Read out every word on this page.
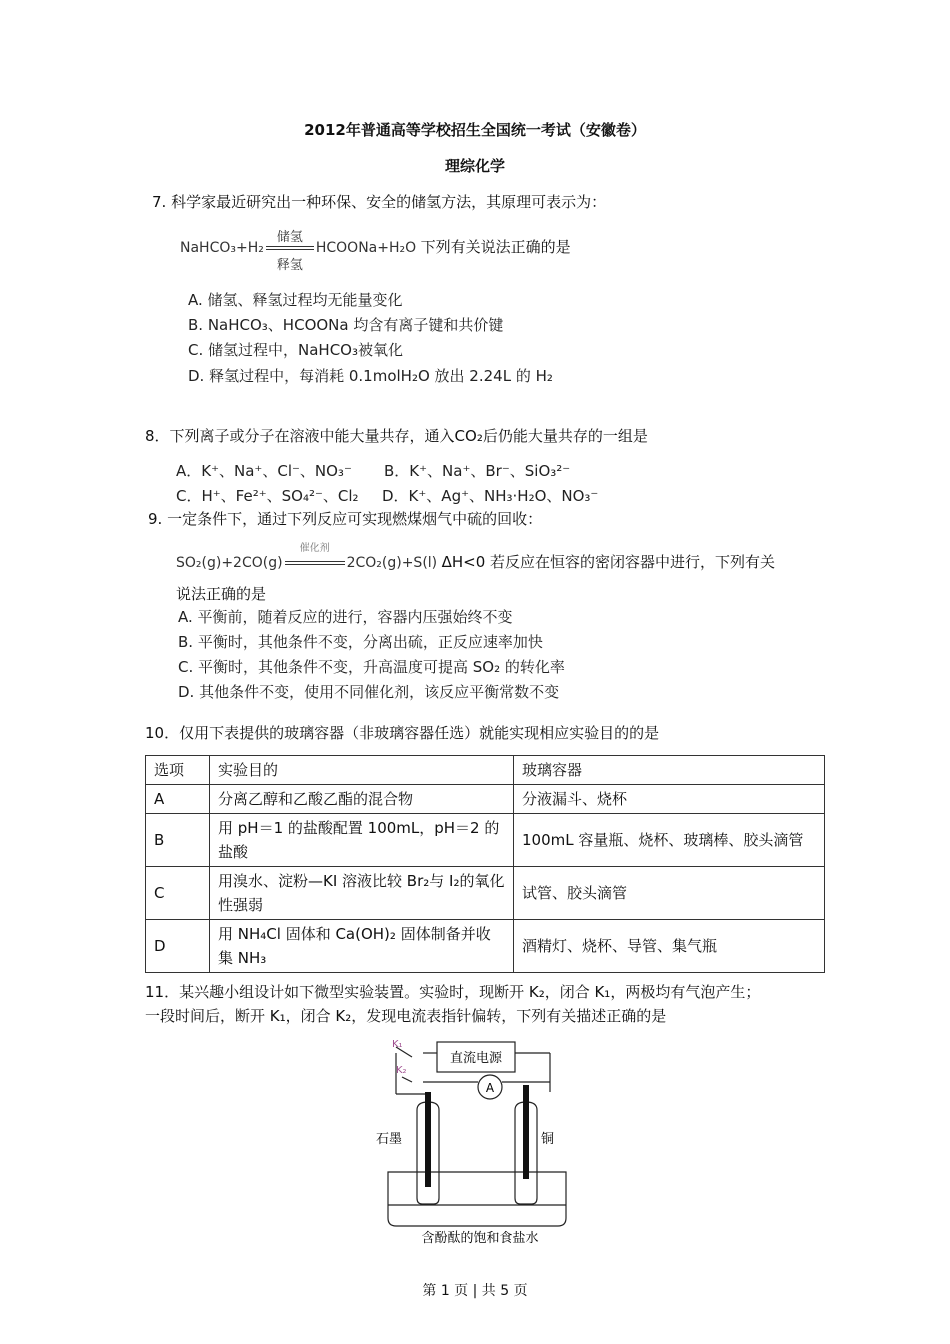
2012年普通高等学校招生全国统一考试（安徽卷）
理综化学
7. 科学家最近研究出一种环保、安全的储氢方法，其原理可表示为：
NaHCO₃+H₂
储氢
释氢
HCOONa+H₂O 下列有关说法正确的是
A. 储氢、释氢过程均无能量变化
B. NaHCO₃、HCOONa 均含有离子键和共价键
C. 储氢过程中，NaHCO₃被氧化
D. 释氢过程中，每消耗 0.1molH₂O 放出 2.24L 的 H₂
8．下列离子或分子在溶液中能大量共存，通入CO₂后仍能大量共存的一组是
A．K⁺、Na⁺、Cl⁻、NO₃⁻ B．K⁺、Na⁺、Br⁻、SiO₃²⁻
C．H⁺、Fe²⁺、SO₄²⁻、Cl₂ D．K⁺、Ag⁺、NH₃·H₂O、NO₃⁻
9. 一定条件下，通过下列反应可实现燃煤烟气中硫的回收：
SO₂(g)+2CO(g)
催化剂
2CO₂(g)+S(l) ΔH<0 若反应在恒容的密闭容器中进行，下列有关
说法正确的是
A. 平衡前，随着反应的进行，容器内压强始终不变
B. 平衡时，其他条件不变，分离出硫，正反应速率加快
C. 平衡时，其他条件不变，升高温度可提高 SO₂ 的转化率
D. 其他条件不变，使用不同催化剂，该反应平衡常数不变
10．仅用下表提供的玻璃容器（非玻璃容器任选）就能实现相应实验目的的是
选项	实验目的	玻璃容器
A	分离乙醇和乙酸乙酯的混合物	分液漏斗、烧杯
B	用 pH＝1 的盐酸配置 100mL，pH＝2 的盐酸	100mL 容量瓶、烧杯、玻璃棒、胶头滴管
C	用溴水、淀粉—KI 溶液比较 Br₂与 I₂的氧化性强弱	试管、胶头滴管
D	用 NH₄Cl 固体和 Ca(OH)₂ 固体制备并收集 NH₃	酒精灯、烧杯、导管、集气瓶
11．某兴趣小组设计如下微型实验装置。实验时，现断开 K₂，闭合 K₁，两极均有气泡产生；
一段时间后，断开 K₁，闭合 K₂，发现电流表指针偏转，下列有关描述正确的是
K₁
K₂
直流电源
A
石墨	铜
含酚酞的饱和食盐水
第 1 页 | 共 5 页
